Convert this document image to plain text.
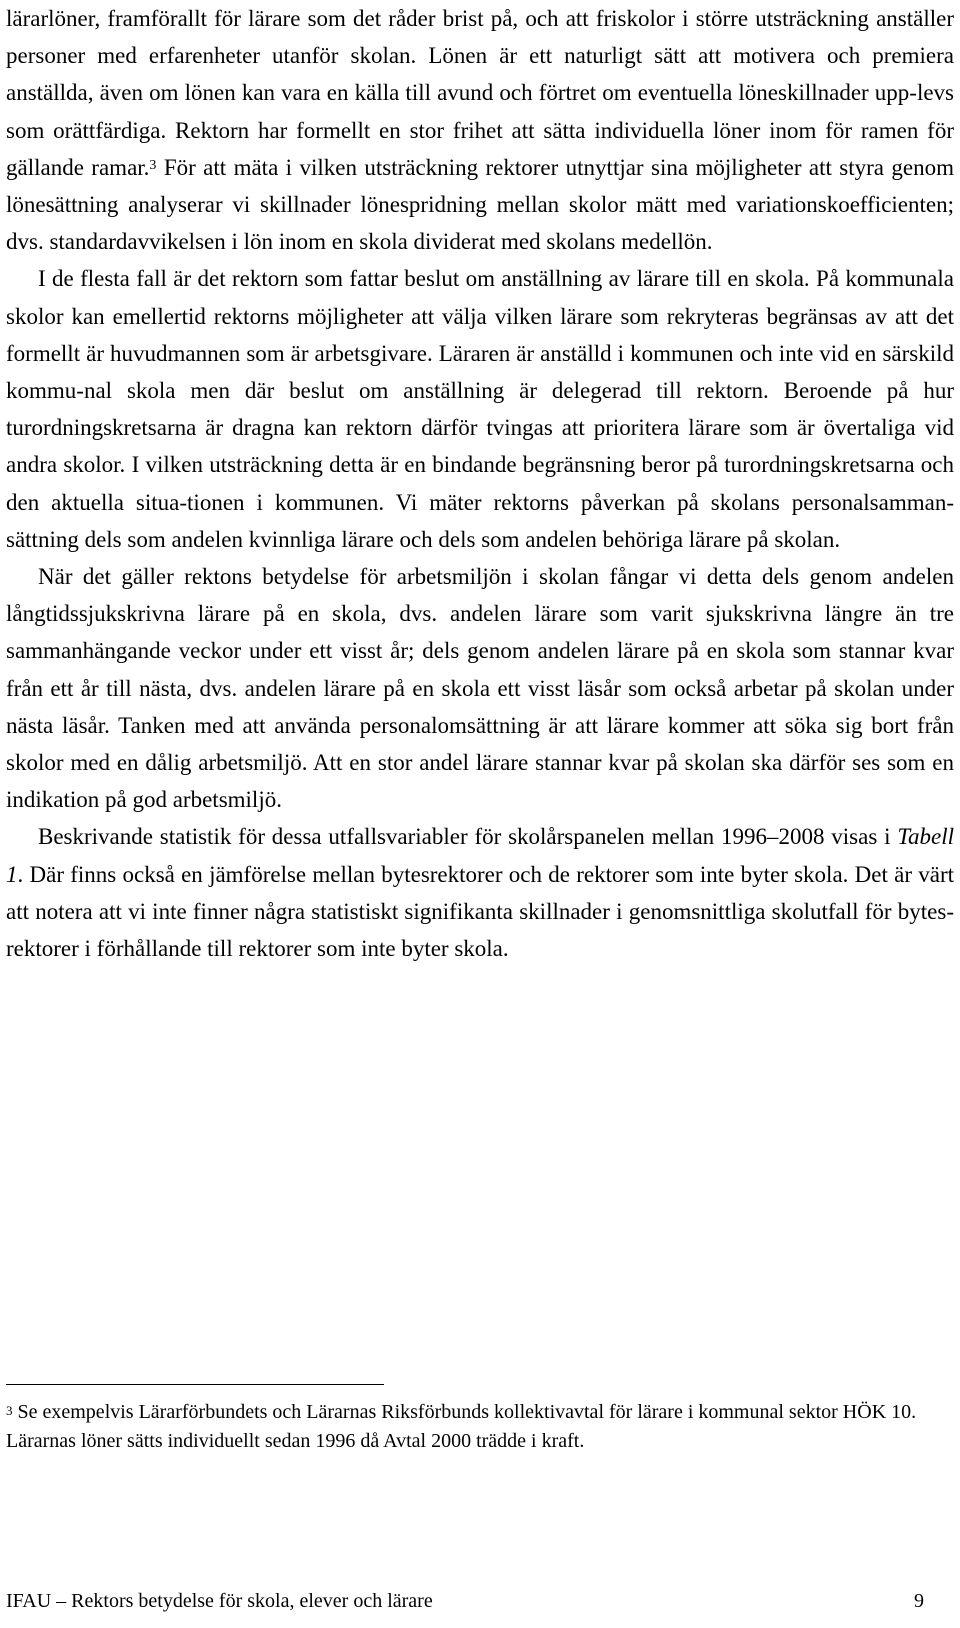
lärarlöner, framförallt för lärare som det råder brist på, och att friskolor i större utsträckning anställer personer med erfarenheter utanför skolan. Lönen är ett naturligt sätt att motivera och premiera anställda, även om lönen kan vara en källa till avund och förtret om eventuella löneskillnader upp-levs som orättfärdiga. Rektorn har formellt en stor frihet att sätta individuella löner inom för ramen för gällande ramar.$^3$ För att mäta i vilken utsträckning rektorer utnyttjar sina möjligheter att styra genom lönesättning analyserar vi skillnader lönespridning mellan skolor mätt med variationskoefficienten; dvs. standardavvikelsen i lön inom en skola dividerat med skolans medellön.

I de flesta fall är det rektorn som fattar beslut om anställning av lärare till en skola. På kommunala skolor kan emellertid rektorns möjligheter att välja vilken lärare som rekryteras begränsas av att det formellt är huvudmannen som är arbetsgivare. Läraren är anställd i kommunen och inte vid en särskild kommu-nal skola men där beslut om anställning är delegerad till rektorn. Beroende på hur turordningskretsarna är dragna kan rektorn därför tvingas att prioritera lärare som är övertaliga vid andra skolor. I vilken utsträckning detta är en bindande begränsning beror på turordningskretsarna och den aktuella situa-tionen i kommunen. Vi mäter rektorns påverkan på skolans personalsamman-sättning dels som andelen kvinnliga lärare och dels som andelen behöriga lärare på skolan.

När det gäller rektons betydelse för arbetsmiljön i skolan fångar vi detta dels genom andelen långtidssjukskrivna lärare på en skola, dvs. andelen lärare som varit sjukskrivna längre än tre sammanhängande veckor under ett visst år; dels genom andelen lärare på en skola som stannar kvar från ett år till nästa, dvs. andelen lärare på en skola ett visst läsår som också arbetar på skolan under nästa läsår. Tanken med att använda personalomsättning är att lärare kommer att söka sig bort från skolor med en dålig arbetsmiljö. Att en stor andel lärare stannar kvar på skolan ska därför ses som en indikation på god arbetsmiljö.

Beskrivande statistik för dessa utfallsvariabler för skolårspanelen mellan 1996–2008 visas i Tabell 1. Där finns också en jämförelse mellan bytesrektorer och de rektorer som inte byter skola. Det är värt att notera att vi inte finner några statistiskt signifikanta skillnader i genomsnittliga skolutfall för bytes-rektorer i förhållande till rektorer som inte byter skola.

$^3$ Se exempelvis Lärarförbundets och Lärarnas Riksförbunds kollektivavtal för lärare i kommunal sektor HÖK 10. Lärarnas löner sätts individuellt sedan 1996 då Avtal 2000 trädde i kraft.
IFAU – Rektors betydelse för skola, elever och lärare	9
